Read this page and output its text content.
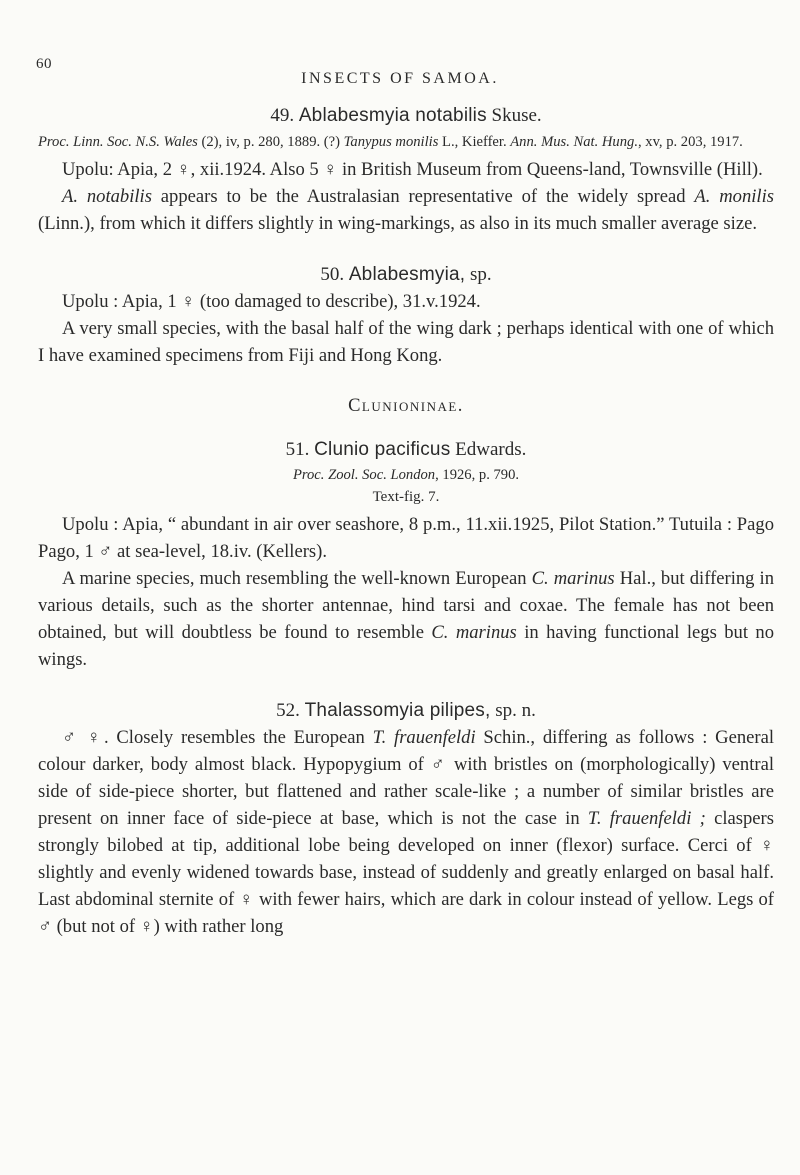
60
INSECTS OF SAMOA.

49. Ablabesmyia notabilis Skuse.

Proc. Linn. Soc. N.S. Wales (2), iv, p. 280, 1889. (?) Tanypus monilis L., Kieffer. Ann. Mus. Nat. Hung., xv, p. 203, 1917.

Upolu: Apia, 2 ♀, xii.1924. Also 5 ♀ in British Museum from Queens-land, Townsville (Hill).

A. notabilis appears to be the Australasian representative of the widely spread A. monilis (Linn.), from which it differs slightly in wing-markings, as also in its much smaller average size.

50. Ablabesmyia, sp.

Upolu : Apia, 1 ♀ (too damaged to describe), 31.v.1924.

A very small species, with the basal half of the wing dark ; perhaps identical with one of which I have examined specimens from Fiji and Hong Kong.

Clunioninae.

51. Clunio pacificus Edwards.

Proc. Zool. Soc. London, 1926, p. 790.

Text-fig. 7.

Upolu : Apia, “ abundant in air over seashore, 8 p.m., 11.xii.1925, Pilot Station.” Tutuila : Pago Pago, 1 ♂ at sea-level, 18.iv. (Kellers).

A marine species, much resembling the well-known European C. marinus Hal., but differing in various details, such as the shorter antennae, hind tarsi and coxae. The female has not been obtained, but will doubtless be found to resemble C. marinus in having functional legs but no wings.

52. Thalassomyia pilipes, sp. n.

♂ ♀. Closely resembles the European T. frauenfeldi Schin., differing as follows : General colour darker, body almost black. Hypopygium of ♂ with bristles on (morphologically) ventral side of side-piece shorter, but flattened and rather scale-like ; a number of similar bristles are present on inner face of side-piece at base, which is not the case in T. frauenfeldi ; claspers strongly bilobed at tip, additional lobe being developed on inner (flexor) surface. Cerci of ♀ slightly and evenly widened towards base, instead of suddenly and greatly enlarged on basal half. Last abdominal sternite of ♀ with fewer hairs, which are dark in colour instead of yellow. Legs of ♂ (but not of ♀) with rather long
